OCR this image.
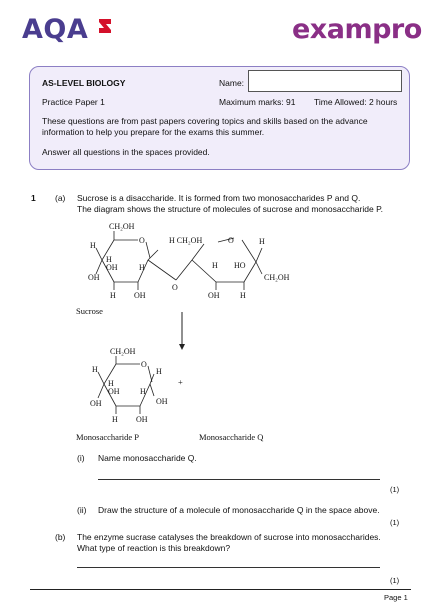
AQA	exampro
AS-LEVEL BIOLOGY	Name:
Practice Paper 1	Maximum marks: 91 Time Allowed: 2 hours
These questions are from past papers covering topics and skills based on the advance
information to help you prepare for the exams this summer.
Answer all questions in the spaces provided.
1 (a) Sucrose is a disaccharide. It is formed from two monosaccharides P and Q.
The diagram shows the structure of molecules of sucrose and monosaccharide P.
CH₂OH
O
H
H
OH	H
OH
H OH
H CH₂OH
O
O	H
H HO
CH₂OH
OH	H
Sucrose
CH₂OH
O
H
H
H
OH	H
OH
OH
H OH
+
Monosaccharide P	Monosaccharide Q
(i) Name monosaccharide Q.
(1)
(ii) Draw the structure of a molecule of monosaccharide Q in the space above.
(1)
(b) The enzyme sucrase catalyses the breakdown of sucrose into monosaccharides.
What type of reaction is this breakdown?
(1)
Page 1
